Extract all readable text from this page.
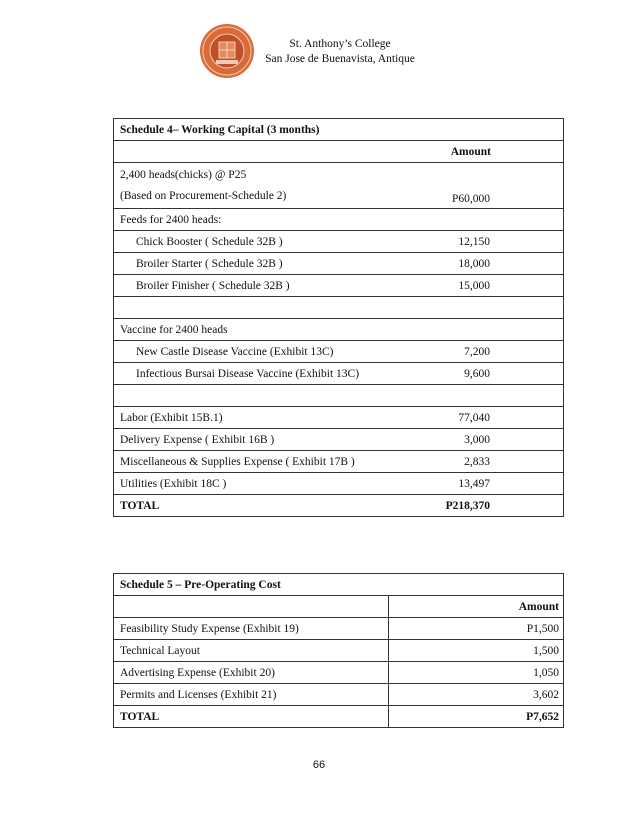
St. Anthony’s College
San Jose de Buenavista, Antique
Schedule 4– Working Capital (3 months)	
	Amount

2,400 heads(chicks) @ P25
(Based on Procurement-Schedule 2)	P60,000
Feeds for 2400 heads:	
Chick Booster ( Schedule 32B )	12,150
Broiler Starter ( Schedule 32B )	18,000
Broiler Finisher ( Schedule 32B )	15,000

Vaccine for 2400 heads	
New Castle Disease Vaccine (Exhibit 13C)	7,200
Infectious Bursai Disease Vaccine (Exhibit 13C)	9,600

Labor (Exhibit 15B.1)	77,040
Delivery Expense ( Exhibit 16B )	3,000
Miscellaneous & Supplies Expense ( Exhibit 17B )	2,833
Utilities (Exhibit 18C )	13,497
TOTAL	P218,370
Schedule 5 – Pre-Operating Cost	
	Amount
Feasibility Study Expense (Exhibit 19)	P1,500
Technical Layout	1,500
Advertising Expense (Exhibit 20)	1,050
Permits and Licenses (Exhibit 21)	3,602
TOTAL	P7,652
66
